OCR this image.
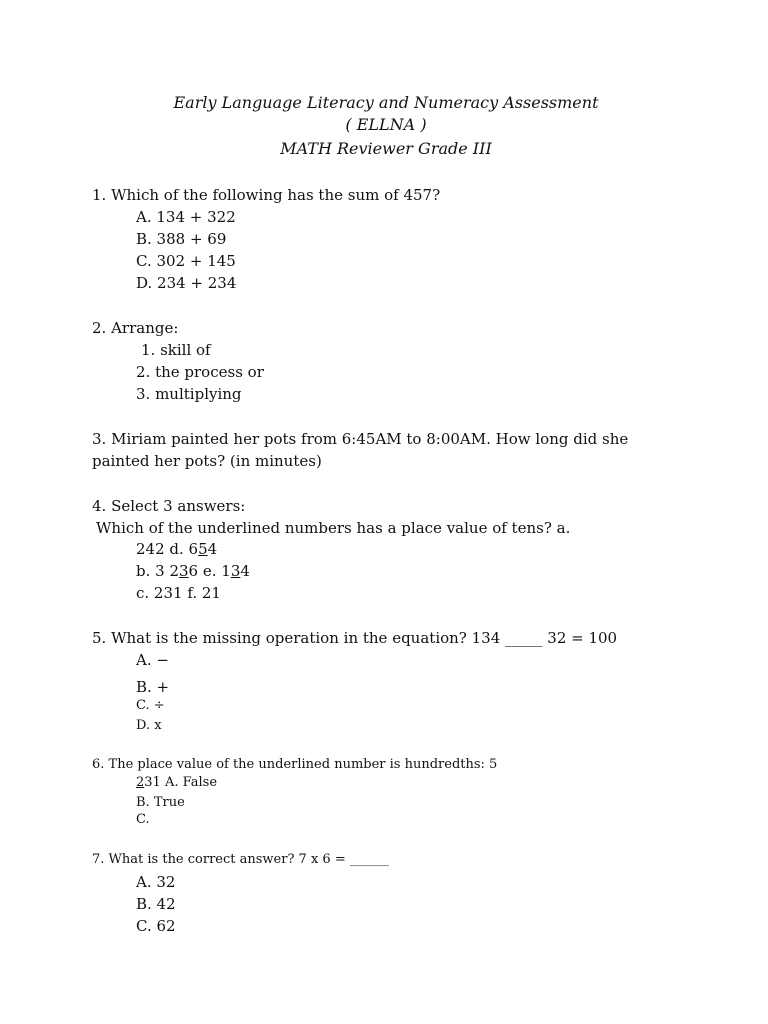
Early Language Literacy and Numeracy Assessment
( ELLNA )
MATH Reviewer Grade III
1. Which of the following has the sum of 457?
A. 134 + 322
B. 388 + 69
C. 302 + 145
D. 234 + 234
2. Arrange:
1. skill of
2. the process or
3. multiplying
3. Miriam painted her pots from 6:45AM to 8:00AM. How long did she
painted her pots? (in minutes)
4. Select 3 answers:
Which of the underlined numbers has a place value of tens? a.
242 d. 654
b. 3 236 e. 134
c. 231 f. 21
5. What is the missing operation in the equation? 134 _____ 32 = 100
A. −
B. +
C. ÷
D. x
6. The place value of the underlined number is hundredths: 5
231 A. False
B. True
C.
7. What is the correct answer? 7 x 6 = ______
A. 32
B. 42
C. 62
